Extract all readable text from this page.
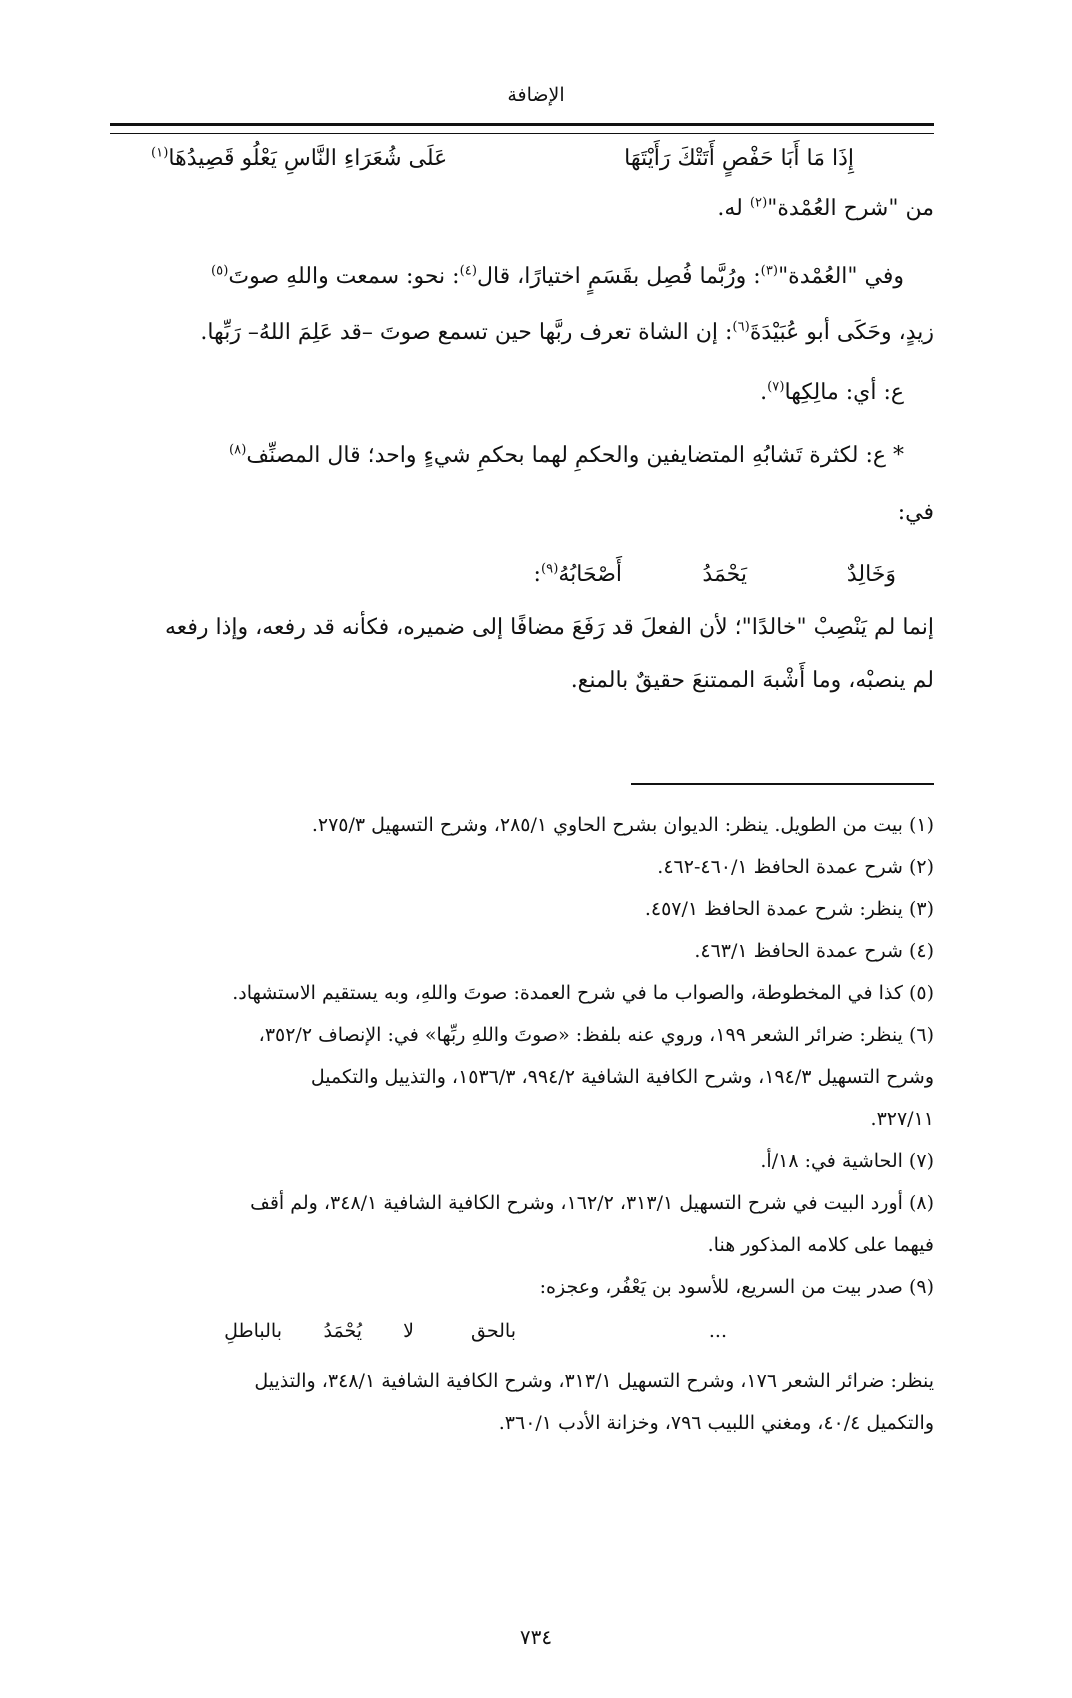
الإضافة
إِذَا مَا أَبَا حَفْصٍ أَتَتْكَ رَأَيْتَهَا
عَلَى شُعَرَاءِ النَّاسِ يَعْلُو قَصِيدُهَا$^{(١)}$
من "شرح العُمْدة"$^{(٢)}$ له.
وفي "العُمْدة"$^{(٣)}$: ورُبَّما فُصِل بقَسَمٍ اختيارًا، قال$^{(٤)}$: نحو: سمعت واللهِ صوتَ$^{(٥)}$
زيدٍ، وحَكَى أبو عُبَيْدَةَ$^{(٦)}$: إن الشاة تعرف ربَّها حين تسمع صوتَ –قد عَلِمَ اللهُ– رَبِّها.
ع: أي: مالِكِها$^{(٧)}$.
* ع: لكثرة تَشابُهِ المتضايفين والحكمِ لهما بحكمِ شيءٍ واحد؛ قال المصنِّف$^{(٨)}$
في:
وَخَالِدٌ
يَحْمَدُ
أَصْحَابُهُ$^{(٩)}$:
إنما لم يَنْصِبْ "خالدًا"؛ لأن الفعلَ قد رَفَعَ مضافًا إلى ضميره، فكأنه قد رفعه، وإذا رفعه
لم ينصبْه، وما أَشْبهَ الممتنعَ حقيقٌ بالمنع.
(١) بيت من الطويل. ينظر: الديوان بشرح الحاوي ٢٨٥/١، وشرح التسهيل ٢٧٥/٣.
(٢) شرح عمدة الحافظ ٤٦٠/١-٤٦٢.
(٣) ينظر: شرح عمدة الحافظ ٤٥٧/١.
(٤) شرح عمدة الحافظ ٤٦٣/١.
(٥) كذا في المخطوطة، والصواب ما في شرح العمدة: صوتَ واللهِ، وبه يستقيم الاستشهاد.
(٦) ينظر: ضرائر الشعر ١٩٩، وروي عنه بلفظ: «صوتَ واللهِ ربِّها» في: الإنصاف ٣٥٢/٢،
وشرح التسهيل ١٩٤/٣، وشرح الكافية الشافية ٩٩٤/٢، ١٥٣٦/٣، والتذييل والتكميل
٣٢٧/١١.
(٧) الحاشية في: ١٨/أ.
(٨) أورد البيت في شرح التسهيل ٣١٣/١، ١٦٢/٢، وشرح الكافية الشافية ٣٤٨/١، ولم أقف
فيهما على كلامه المذكور هنا.
(٩) صدر بيت من السريع، للأسود بن يَعْفُر، وعجزه:
...
بالحق
لا
يُحْمَدُ
بالباطلِ
ينظر: ضرائر الشعر ١٧٦، وشرح التسهيل ٣١٣/١، وشرح الكافية الشافية ٣٤٨/١، والتذييل
والتكميل ٤٠/٤، ومغني اللبيب ٧٩٦، وخزانة الأدب ٣٦٠/١.
٧٣٤
